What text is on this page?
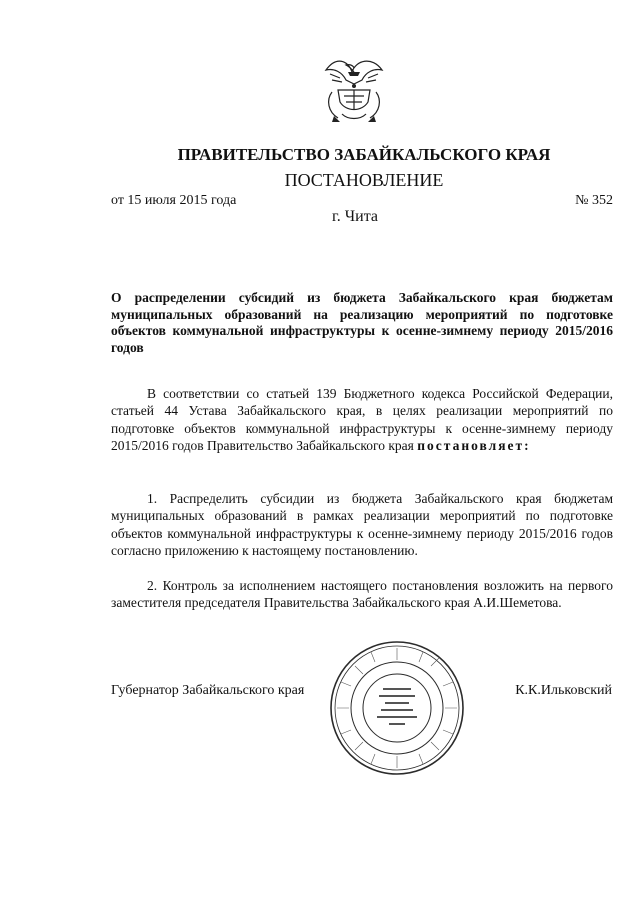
ПРАВИТЕЛЬСТВО ЗАБАЙКАЛЬСКОГО КРАЯ
ПОСТАНОВЛЕНИЕ
от 15 июля 2015 года	№ 352
г. Чита
О распределении субсидий из бюджета Забайкальского края бюджетам муниципальных образований на реализацию мероприятий по подготовке объектов коммунальной инфраструктуры к осенне-зимнему периоду 2015/2016 годов
В соответствии со статьей 139 Бюджетного кодекса Российской Федерации, статьей 44 Устава Забайкальского края, в целях реализации мероприятий по подготовке объектов коммунальной инфраструктуры к осенне-зимнему периоду 2015/2016 годов Правительство Забайкальского края постановляет:
1. Распределить субсидии из бюджета Забайкальского края бюджетам муниципальных образований в рамках реализации мероприятий по подготовке объектов коммунальной инфраструктуры к осенне-зимнему периоду 2015/2016 годов согласно приложению к настоящему постановлению.
2. Контроль за исполнением настоящего постановления возложить на первого заместителя председателя Правительства Забайкальского края А.И.Шеметова.
Губернатор Забайкальского края	К.К.Ильковский
